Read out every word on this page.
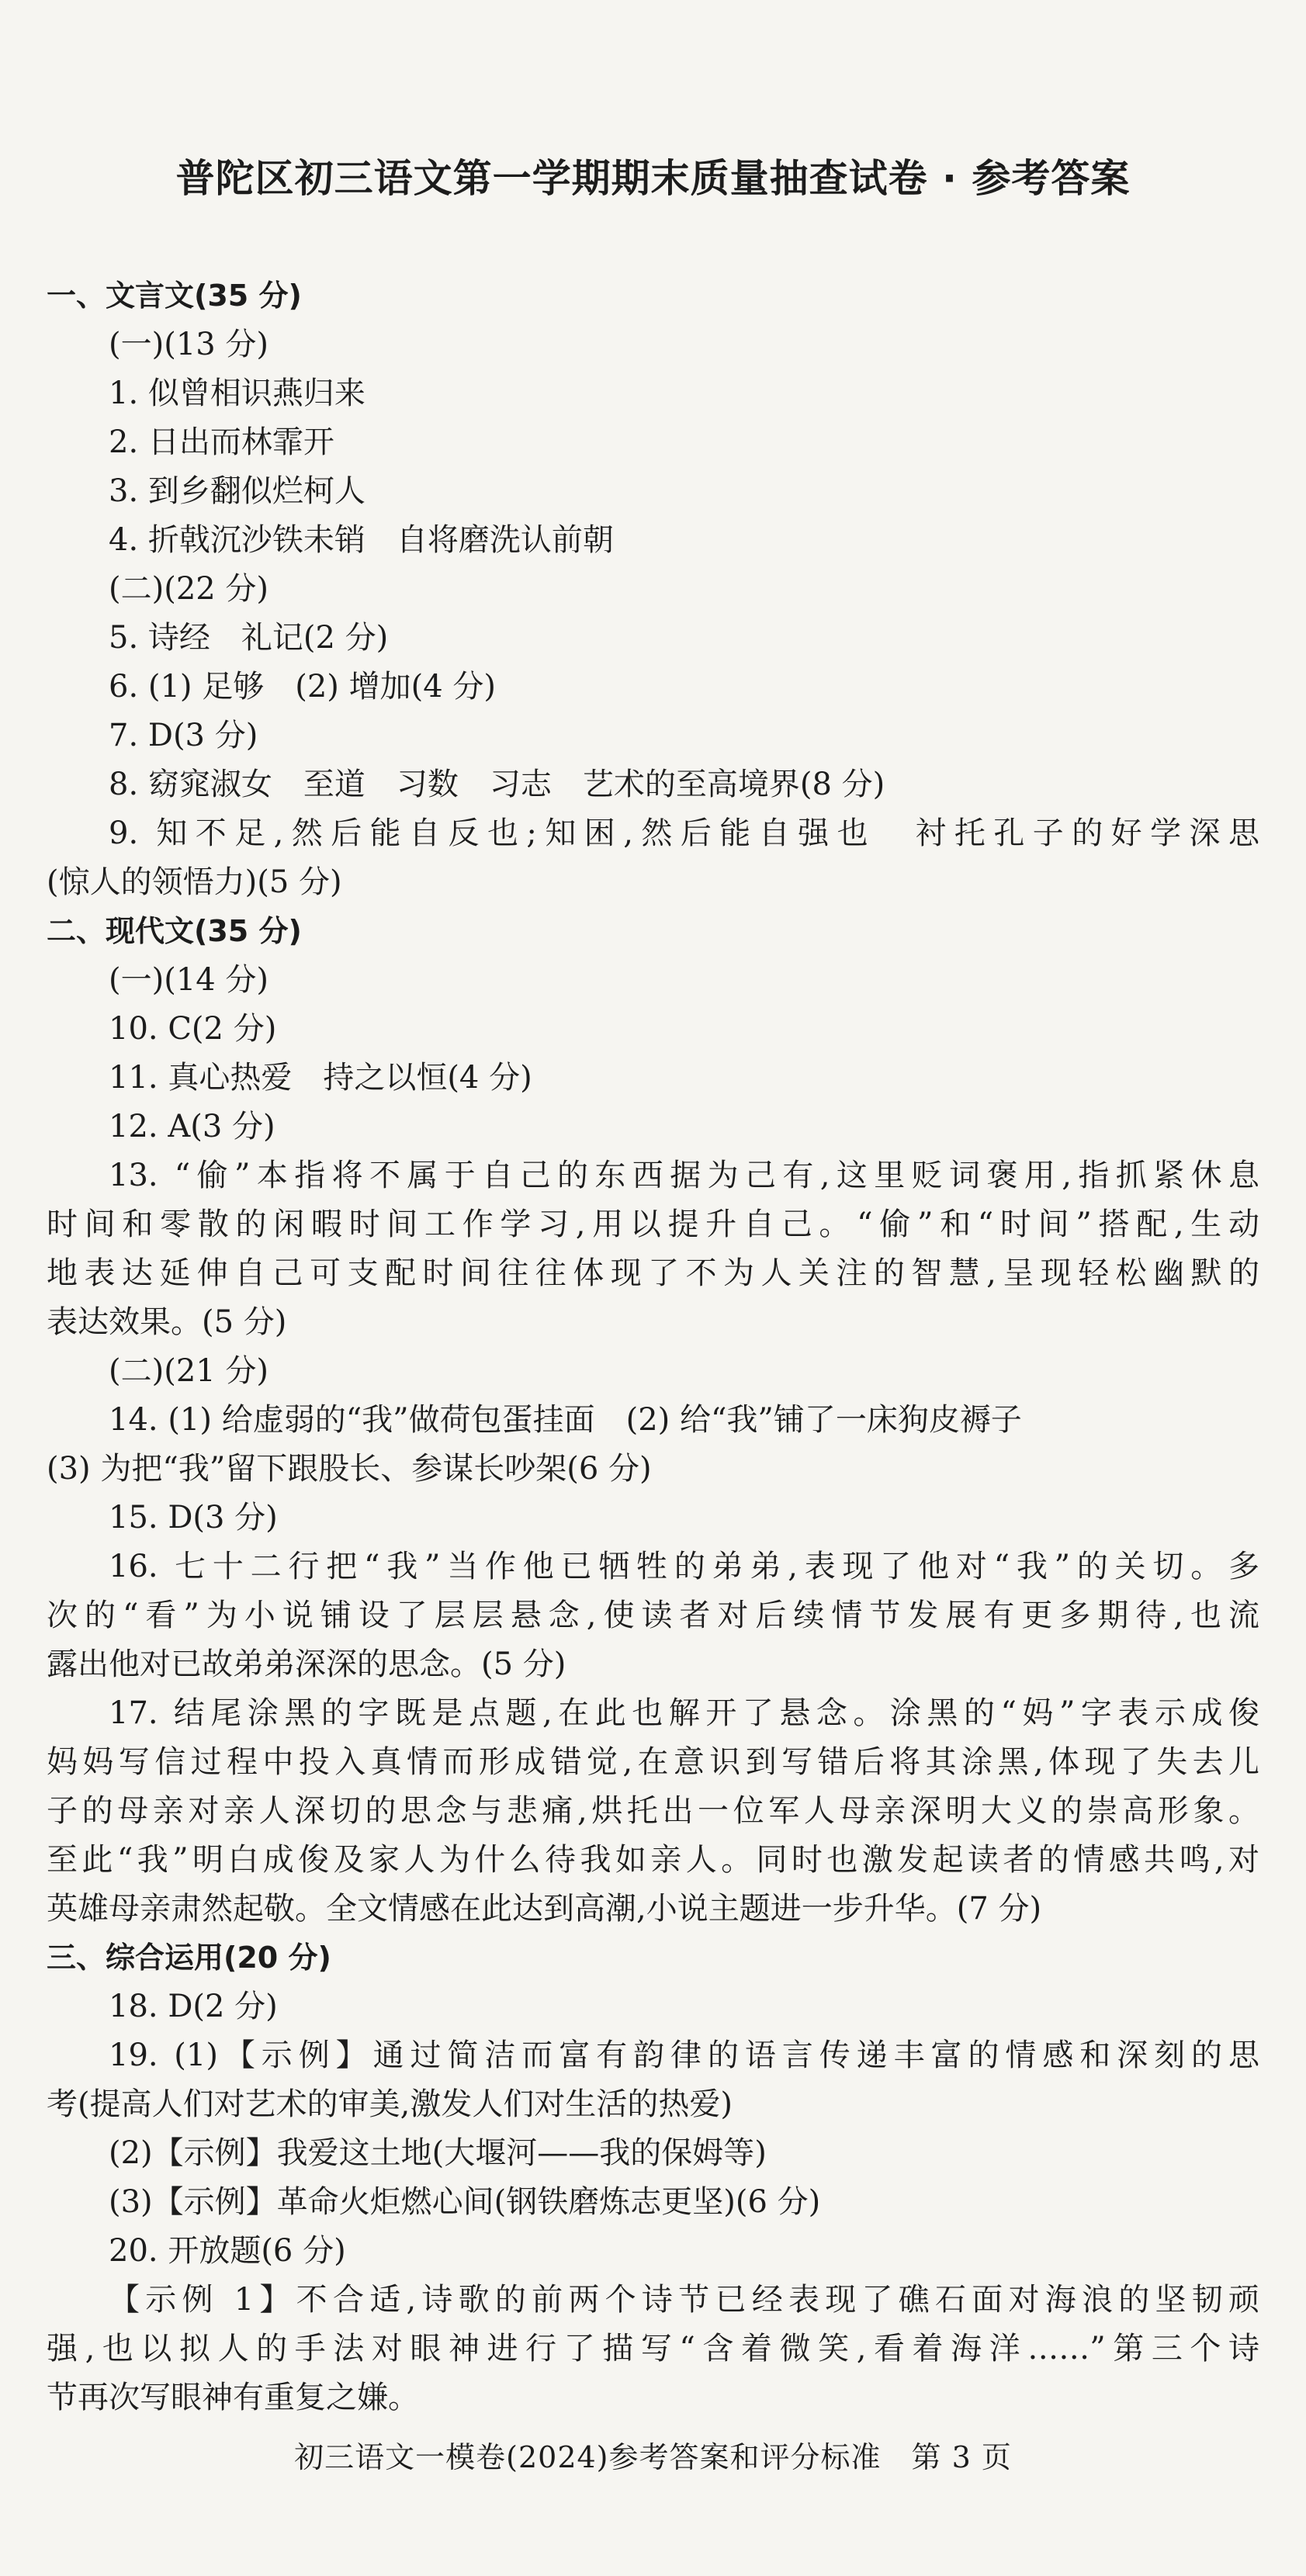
普陀区初三语文第一学期期末质量抽查试卷 · 参考答案
一、文言文(35 分)
(一)(13 分)
1. 似曾相识燕归来
2. 日出而林霏开
3. 到乡翻似烂柯人
4. 折戟沉沙铁未销　自将磨洗认前朝
(二)(22 分)
5. 诗经　礼记(2 分)
6. (1) 足够　(2) 增加(4 分)
7. D(3 分)
8. 窈窕淑女　至道　习数　习志　艺术的至高境界(8 分)
9. 知不足,然后能自反也;知困,然后能自强也　衬托孔子的好学深思
(惊人的领悟力)(5 分)
二、现代文(35 分)
(一)(14 分)
10. C(2 分)
11. 真心热爱　持之以恒(4 分)
12. A(3 分)
13. “偷”本指将不属于自己的东西据为己有,这里贬词褒用,指抓紧休息
时间和零散的闲暇时间工作学习,用以提升自己。“偷”和“时间”搭配,生动
地表达延伸自己可支配时间往往体现了不为人关注的智慧,呈现轻松幽默的
表达效果。(5 分)
(二)(21 分)
14. (1) 给虚弱的“我”做荷包蛋挂面　(2) 给“我”铺了一床狗皮褥子
(3) 为把“我”留下跟股长、参谋长吵架(6 分)
15. D(3 分)
16. 七十二行把“我”当作他已牺牲的弟弟,表现了他对“我”的关切。多
次的“看”为小说铺设了层层悬念,使读者对后续情节发展有更多期待,也流
露出他对已故弟弟深深的思念。(5 分)
17. 结尾涂黑的字既是点题,在此也解开了悬念。涂黑的“妈”字表示成俊
妈妈写信过程中投入真情而形成错觉,在意识到写错后将其涂黑,体现了失去儿
子的母亲对亲人深切的思念与悲痛,烘托出一位军人母亲深明大义的崇高形象。
至此“我”明白成俊及家人为什么待我如亲人。同时也激发起读者的情感共鸣,对
英雄母亲肃然起敬。全文情感在此达到高潮,小说主题进一步升华。(7 分)
三、综合运用(20 分)
18. D(2 分)
19. (1)【示例】通过简洁而富有韵律的语言传递丰富的情感和深刻的思
考(提高人们对艺术的审美,激发人们对生活的热爱)
(2)【示例】我爱这土地(大堰河——我的保姆等)
(3)【示例】革命火炬燃心间(钢铁磨炼志更坚)(6 分)
20. 开放题(6 分)
【示例 1】不合适,诗歌的前两个诗节已经表现了礁石面对海浪的坚韧顽
强,也以拟人的手法对眼神进行了描写“含着微笑,看着海洋……”第三个诗
节再次写眼神有重复之嫌。
初三语文一模卷(2024)参考答案和评分标准　第 3 页
